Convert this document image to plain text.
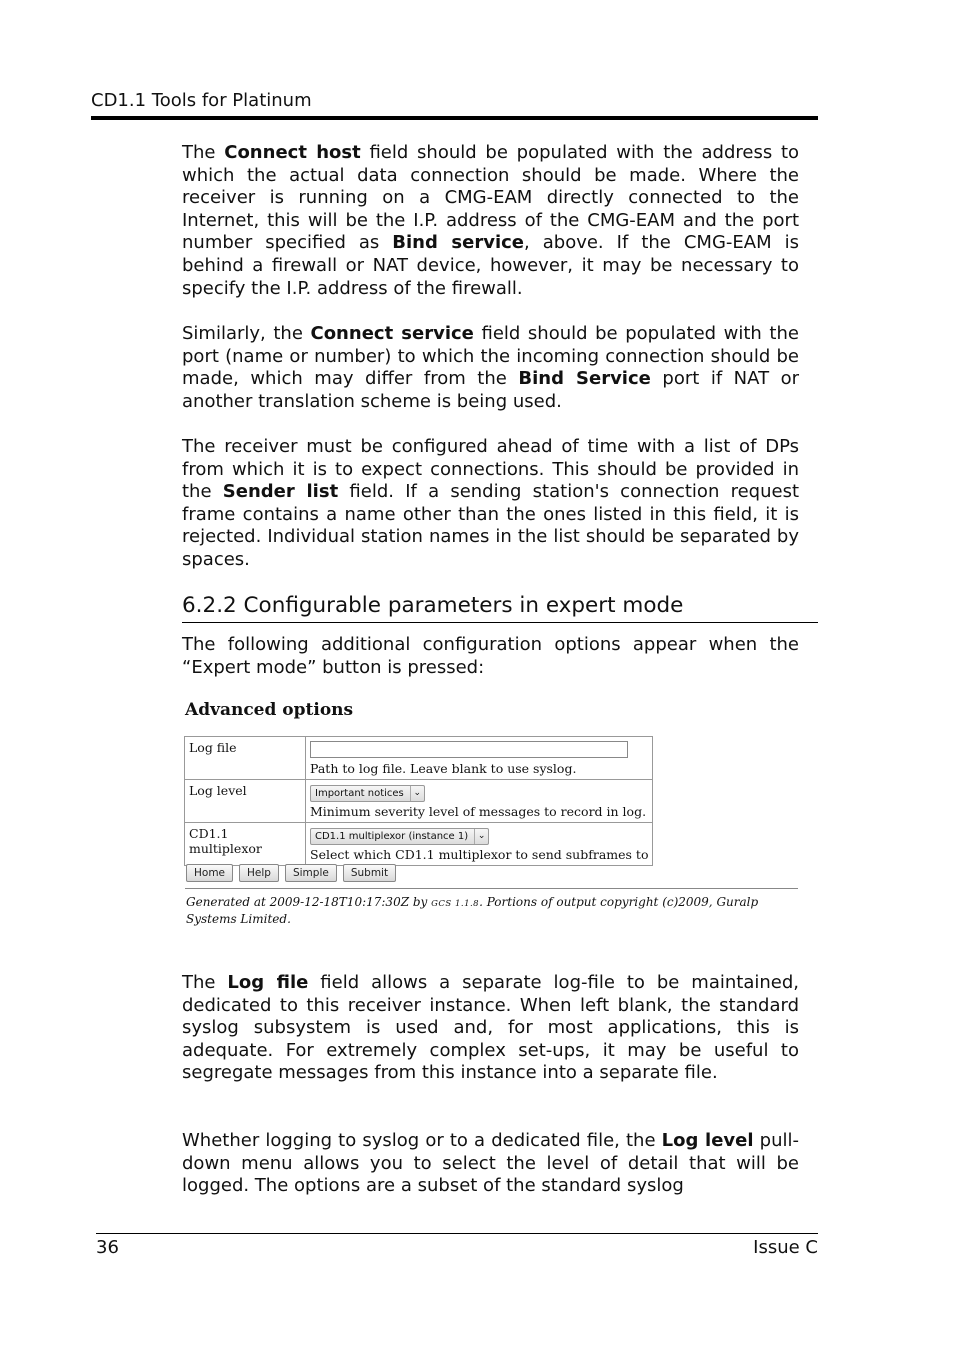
CD1.1 Tools for Platinum

The Connect host field should be populated with the address to which the actual data connection should be made. Where the receiver is running on a CMG-EAM directly connected to the Internet, this will be the I.P. address of the CMG-EAM and the port number specified as Bind service, above. If the CMG-EAM is behind a firewall or NAT device, however, it may be necessary to specify the I.P. address of the firewall.

Similarly, the Connect service field should be populated with the port (name or number) to which the incoming connection should be made, which may differ from the Bind Service port if NAT or another translation scheme is being used.

The receiver must be configured ahead of time with a list of DPs from which it is to expect connections. This should be provided in the Sender list field. If a sending station's connection request frame contains a name other than the ones listed in this field, it is rejected. Individual station names in the list should be separated by spaces.

6.2.2 Configurable parameters in expert mode

The following additional configuration options appear when the “Expert mode” button is pressed:

Advanced options
Log file	Path to log file. Leave blank to use syslog.

Log level	Important notices ⌄
Minimum severity level of messages to record in log.

CD1.1 multiplexor	CD1.1 multiplexor (instance 1) ⌄
Select which CD1.1 multiplexor to send subframes to
Home	Help	Simple	Submit
Generated at 2009-12-18T10:17:30Z by GCS 1.1.8. Portions of output copyright (c)2009, Guralp Systems Limited.

The Log file field allows a separate log-file to be maintained, dedicated to this receiver instance. When left blank, the standard syslog subsystem is used and, for most applications, this is adequate. For extremely complex set-ups, it may be useful to segregate messages from this instance into a separate file.

Whether logging to syslog or to a dedicated file, the Log level pull-down menu allows you to select the level of detail that will be logged. The options are a subset of the standard syslog

36	Issue C
